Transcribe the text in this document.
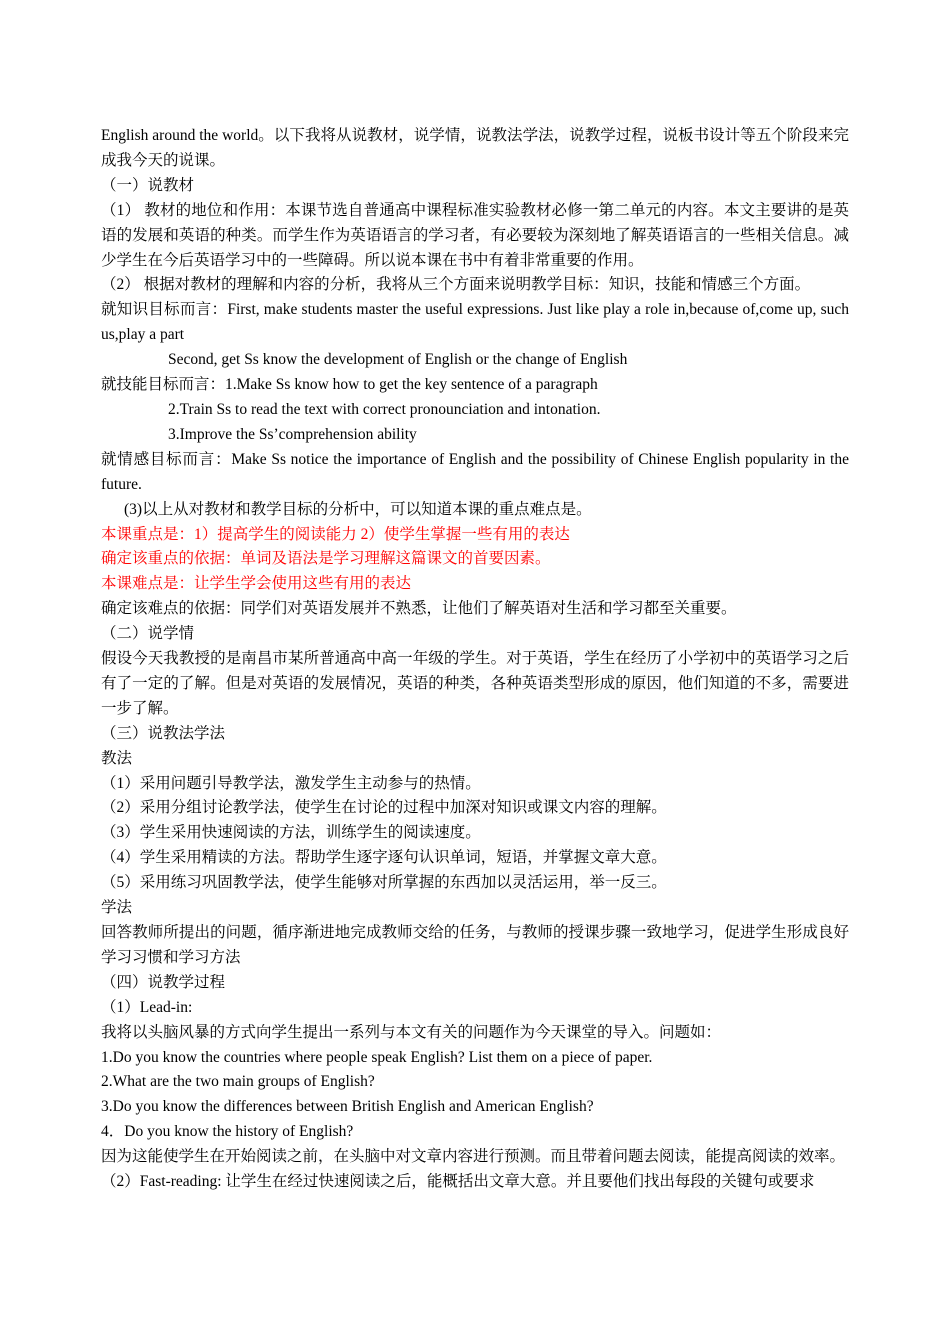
English around the world。以下我将从说教材，说学情，说教法学法，说教学过程，说板书设计等五个阶段来完成我今天的说课。

（一）说教材

（1） 教材的地位和作用：本课节选自普通高中课程标准实验教材必修一第二单元的内容。本文主要讲的是英语的发展和英语的种类。而学生作为英语语言的学习者，有必要较为深刻地了解英语语言的一些相关信息。减少学生在今后英语学习中的一些障碍。所以说本课在书中有着非常重要的作用。

（2） 根据对教材的理解和内容的分析，我将从三个方面来说明教学目标：知识，技能和情感三个方面。

就知识目标而言：First, make students master the useful expressions. Just like play a role in,because of,come up, such us,play a part

Second, get Ss know the development of English or the change of English

就技能目标而言：1.Make Ss know how to get the key sentence of a paragraph

2.Train Ss to read the text with correct pronounciation and intonation.

3.Improve the Ss’comprehension ability

就情感目标而言：Make Ss notice the importance of English and the possibility of Chinese English popularity in the future.

(3)以上从对教材和教学目标的分析中，可以知道本课的重点难点是。

本课重点是：1）提高学生的阅读能力 2）使学生掌握一些有用的表达

确定该重点的依据：单词及语法是学习理解这篇课文的首要因素。

本课难点是：让学生学会使用这些有用的表达

确定该难点的依据：同学们对英语发展并不熟悉，让他们了解英语对生活和学习都至关重要。

（二）说学情

假设今天我教授的是南昌市某所普通高中高一年级的学生。对于英语，学生在经历了小学初中的英语学习之后有了一定的了解。但是对英语的发展情况，英语的种类，各种英语类型形成的原因，他们知道的不多，需要进一步了解。

（三）说教法学法

教法

（1）采用问题引导教学法，激发学生主动参与的热情。

（2）采用分组讨论教学法，使学生在讨论的过程中加深对知识或课文内容的理解。

（3）学生采用快速阅读的方法，训练学生的阅读速度。

（4）学生采用精读的方法。帮助学生逐字逐句认识单词，短语，并掌握文章大意。

（5）采用练习巩固教学法，使学生能够对所掌握的东西加以灵活运用，举一反三。

学法

回答教师所提出的问题，循序渐进地完成教师交给的任务，与教师的授课步骤一致地学习，促进学生形成良好学习习惯和学习方法

（四）说教学过程

（1）Lead-in:

我将以头脑风暴的方式向学生提出一系列与本文有关的问题作为今天课堂的导入。问题如：

1.Do you know the countries where people speak English? List them on a piece of paper.

2.What are the two main groups of English?

3.Do you know the differences between British English and American English?

4．Do you know the history of English?

因为这能使学生在开始阅读之前，在头脑中对文章内容进行预测。而且带着问题去阅读，能提高阅读的效率。

（2）Fast-reading: 让学生在经过快速阅读之后，能概括出文章大意。并且要他们找出每段的关键句或要求
